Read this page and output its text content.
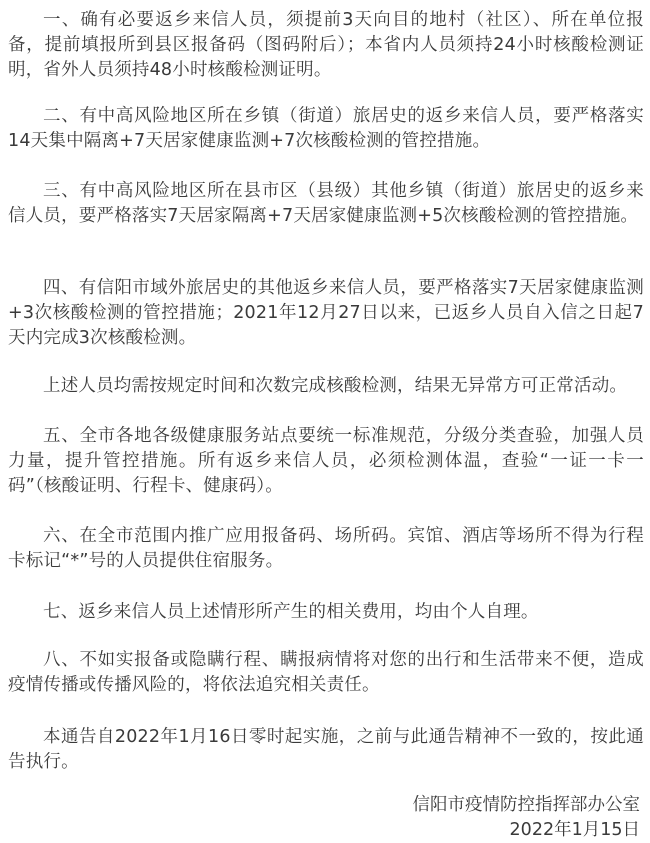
一、确有必要返乡来信人员，须提前3天向目的地村（社区）、所在单位报备，提前填报所到县区报备码（图码附后）；本省内人员须持24小时核酸检测证明，省外人员须持48小时核酸检测证明。

二、有中高风险地区所在乡镇（街道）旅居史的返乡来信人员，要严格落实14天集中隔离+7天居家健康监测+7次核酸检测的管控措施。

三、有中高风险地区所在县市区（县级）其他乡镇（街道）旅居史的返乡来信人员，要严格落实7天居家隔离+7天居家健康监测+5次核酸检测的管控措施。

四、有信阳市域外旅居史的其他返乡来信人员，要严格落实7天居家健康监测+3次核酸检测的管控措施；2021年12月27日以来，已返乡人员自入信之日起7天内完成3次核酸检测。

上述人员均需按规定时间和次数完成核酸检测，结果无异常方可正常活动。

五、全市各地各级健康服务站点要统一标准规范，分级分类查验，加强人员力量，提升管控措施。所有返乡来信人员，必须检测体温，查验“一证一卡一码”（核酸证明、行程卡、健康码）。

六、在全市范围内推广应用报备码、场所码。宾馆、酒店等场所不得为行程卡标记“*”号的人员提供住宿服务。

七、返乡来信人员上述情形所产生的相关费用，均由个人自理。

八、不如实报备或隐瞒行程、瞒报病情将对您的出行和生活带来不便，造成疫情传播或传播风险的，将依法追究相关责任。

本通告自2022年1月16日零时起实施，之前与此通告精神不一致的，按此通告执行。

信阳市疫情防控指挥部办公室

2022年1月15日
